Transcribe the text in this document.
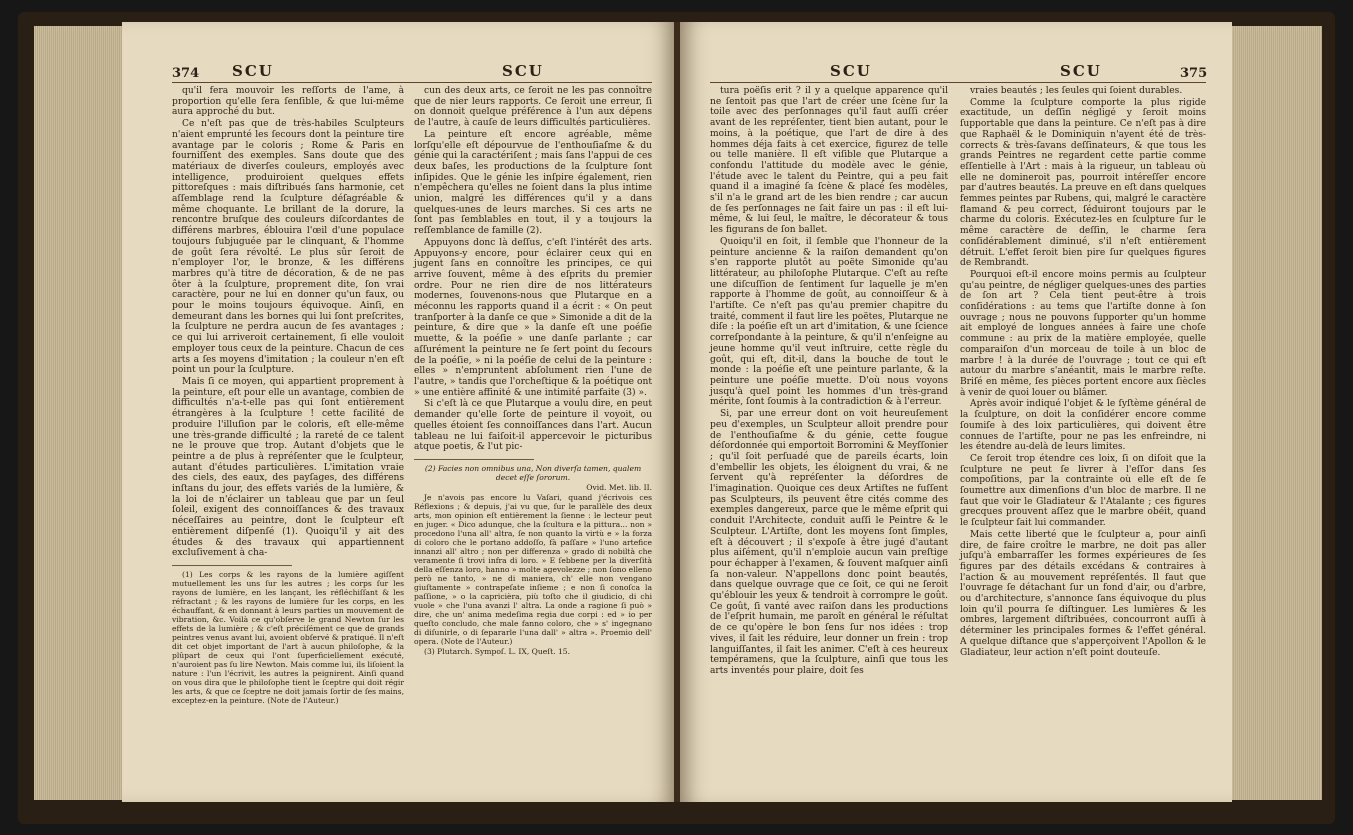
374 SCU	SCU

qu'il fera mouvoir les reſſorts de l'ame, à proportion qu'elle ſera ſenſible, & que lui-même aura approché du but.

Ce n'eſt pas que de très-habiles Sculpteurs n'aient emprunté les ſecours dont la peinture tire avantage par le coloris ; Rome & Paris en fourniſſent des exemples. Sans doute que des matériaux de diverſes couleurs, employés avec intelligence, produiroient quelques effets pittoreſques : mais diſtribués ſans harmonie, cet aſſemblage rend la ſculpture déſagréable & même choquante. Le brillant de la dorure, la rencontre bruſque des couleurs diſcordantes de différens marbres, éblouira l'œil d'une populace toujours ſubjuguée par le clinquant, & l'homme de goût ſera révolté. Le plus sûr ſeroit de n'employer l'or, le bronze, & les différens marbres qu'à titre de décoration, & de ne pas ôter à la ſculpture, proprement dite, ſon vrai caractère, pour ne lui en donner qu'un faux, ou pour le moins toujours équivoque. Ainſi, en demeurant dans les bornes qui lui ſont preſcrites, la ſculpture ne perdra aucun de ſes avantages ; ce qui lui arriveroit certainement, ſi elle vouloit employer tous ceux de la peinture. Chacun de ces arts a ſes moyens d'imitation ; la couleur n'en eſt point un pour la ſculpture.

Mais ſi ce moyen, qui appartient proprement à la peinture, eſt pour elle un avantage, combien de difficultés n'a-t-elle pas qui ſont entièrement étrangères à la ſculpture ! cette facilité de produire l'illuſion par le coloris, eſt elle-même une très-grande difficulté ; la rareté de ce talent ne le prouve que trop. Autant d'objets que le peintre a de plus à repréſenter que le ſculpteur, autant d'études particulières. L'imitation vraie des ciels, des eaux, des payſages, des différens inſtans du jour, des effets variés de la lumière, & la loi de n'éclairer un tableau que par un ſeul ſoleil, exigent des connoiſſances & des travaux néceſſaires au peintre, dont le ſculpteur eſt entièrement diſpenſé (1). Quoiqu'il y ait des études & des travaux qui appartiennent excluſivement à cha-

(1) Les corps & les rayons de la lumière agiſſent mutuellement les uns ſur les autres ; les corps ſur les rayons de lumière, en les lançant, les réfléchiſſant & les réfractant ; & les rayons de lumière ſur les corps, en les échauffant, & en donnant à leurs parties un mouvement de vibration, &c. Voilà ce qu'obſerve le grand Newton ſur les effets de la lumière ; & c'eſt préciſément ce que de grands peintres venus avant lui, avoient obſervé & pratiqué. Il n'eſt dit cet objet important de l'art à aucun philoſophe, & la plûpart de ceux qui l'ont ſuperficiellement exécuté, n'auroient pas ſu lire Newton. Mais comme lui, ils liſoient la nature : l'un l'écrivit, les autres la peignirent. Ainſi quand on vous dira que le philoſophe tient le ſceptre qui doit régir les arts, & que ce ſceptre ne doit jamais ſortir de ſes mains, exceptez-en la peinture. (Note de l'Auteur.)

cun des deux arts, ce ſeroit ne les pas connoître que de nier leurs rapports. Ce ſeroit une erreur, ſi on donnoit quelque préférence à l'un aux dépens de l'autre, à cauſe de leurs difficultés particulières.

La peinture eſt encore agréable, même lorſqu'elle eſt dépourvue de l'enthouſiaſme & du génie qui la caractériſent ; mais ſans l'appui de ces deux baſes, les productions de la ſculpture ſont inſipides. Que le génie les inſpire également, rien n'empêchera qu'elles ne ſoient dans la plus intime union, malgré les différences qu'il y a dans quelques-unes de leurs marches. Si ces arts ne ſont pas ſemblables en tout, il y a toujours la reſſemblance de famille (2).

Appuyons donc là deſſus, c'eſt l'intérêt des arts. Appuyons-y encore, pour éclairer ceux qui en jugent ſans en connoître les principes, ce qui arrive ſouvent, même à des eſprits du premier ordre. Pour ne rien dire de nos littérateurs modernes, ſouvenons-nous que Plutarque en a méconnu les rapports quand il a écrit : « On peut tranſporter à la danſe ce que » Simonide a dit de la peinture, & dire que » la danſe eſt une poéſie muette, & la poéſie » une danſe parlante ; car aſſurément la peinture ne ſe ſert point du ſecours de la poéſie, » ni la poéſie de celui de la peinture : elles » n'empruntent abſolument rien l'une de l'autre, » tandis que l'orcheſtique & la poétique ont » une entière affinité & une intimité parfaite (3) ».

Si c'eſt là ce que Plutarque a voulu dire, en peut demander qu'elle ſorte de peinture il voyoit, ou quelles étoient ſes connoiſſances dans l'art. Aucun tableau ne lui faiſoit-il appercevoir le picturibus atque poetis, & l'ut pic-

(2) Facies non omnibus una, Non diverſa tamen, qualem decet eſſe ſororum.

Ovid. Met. lib. II.

Je n'avois pas encore lu Vaſari, quand j'écrivois ces Réflexions ; & depuis, j'ai vu que, ſur le parallèle des deux arts, mon opinion eſt entièrement la ſienne : le lecteur peut en juger. « Dico adunque, che la ſcultura e la pittura... non » procedono l'una all' altra, ſe non quanto la virtù e » la forza di coloro che le portano addoſſo, fà paſſare » l'uno artefice innanzi all' altro ; non per differenza » grado di nobiltà che veramente ſi trovi infra di loro. » E ſebbene per la diverſità della eſſenza loro, hanno » molte agevolezze ; non ſono elleno però ne tanto, » ne di maniera, ch' elle non vengano giuſtamente » contrapeſate inſieme ; e non ſi conoſca la paſſione, » o la capricièra, più toſto che il giudicio, di chi vuole » che l'una avanzi l' altra. La onde a ragione ſi può » dire, che un' anima medeſima regia due corpi : ed » io per queſto concludo, che male fanno coloro, che » s' ingegnano di diſunirle, o di ſepararle l'una dall' » altra ». Proemio dell' opera. (Note de l'Auteur.)

(3) Plutarch. Sympoſ. L. IX, Queſt. 15.

SCU	SCU	375

tura poëſis erit ? il y a quelque apparence qu'il ne ſentoit pas que l'art de créer une ſcène ſur la toile avec des perſonnages qu'il faut auſſi créer avant de les repréſenter, tient bien autant, pour le moins, à la poétique, que l'art de dire à des hommes déja faits à cet exercice, figurez de telle ou telle manière. Il eſt viſible que Plutarque a confondu l'attitude du modèle avec le génie, l'étude avec le talent du Peintre, qui a peu fait quand il a imaginé ſa ſcène & placé ſes modèles, s'il n'a le grand art de les bien rendre ; car aucun de ſes perſonnages ne ſait faire un pas : il eſt lui-même, & lui ſeul, le maître, le décorateur & tous les figurans de ſon ballet.

Quoiqu'il en ſoit, il ſemble que l'honneur de la peinture ancienne & la raiſon demandent qu'on s'en rapporte plutôt au poëte Simonide qu'au littérateur, au philoſophe Plutarque. C'eſt au reſte une diſcuſſion de ſentiment ſur laquelle je m'en rapporte à l'homme de goût, au connoiſſeur & à l'artiſte. Ce n'eſt pas qu'au premier chapitre du traité, comment il faut lire les poëtes, Plutarque ne diſe : la poéſie eſt un art d'imitation, & une ſcience correſpondante à la peinture, & qu'il n'enſeigne au jeune homme qu'il veut inſtruire, cette règle du goût, qui eſt, dit-il, dans la bouche de tout le monde : la poéſie eſt une peinture parlante, & la peinture une poéſie muette. D'où nous voyons jusqu'à quel point les hommes d'un très-grand mérite, ſont ſoumis à la contradiction & à l'erreur.

Si, par une erreur dont on voit heureuſement peu d'exemples, un Sculpteur alloit prendre pour de l'enthouſiaſme & du génie, cette fougue déſordonnée qui emportoit Borromini & Meyſſonier ; qu'il ſoit perſuadé que de pareils écarts, loin d'embellir les objets, les éloignent du vrai, & ne ſervent qu'à repréſenter la déſordres de l'imagination. Quoique ces deux Artiſtes ne fuſſent pas Sculpteurs, ils peuvent être cités comme des exemples dangereux, parce que le même eſprit qui conduit l'Architecte, conduit auſſi le Peintre & le Sculpteur. L'Artiſte, dont les moyens ſont ſimples, eſt à découvert ; il s'expoſe à être jugé d'autant plus aiſément, qu'il n'emploie aucun vain preſtige pour échapper à l'examen, & ſouvent maſquer ainſi ſa non-valeur. N'appellons donc point beautés, dans quelque ouvrage que ce ſoit, ce qui ne ſeroit qu'éblouir les yeux & tendroit à corrompre le goût. Ce goût, ſi vanté avec raiſon dans les productions de l'eſprit humain, me paroît en général le réſultat de ce qu'opère le bon ſens ſur nos idées : trop vives, il ſait les réduire, leur donner un frein : trop languiſſantes, il ſait les animer. C'eſt à ces heureux tempéramens, que la ſculpture, ainſi que tous les arts inventés pour plaire, doit ſes

vraies beautés ; les ſeules qui ſoient durables.

Comme la ſculpture comporte la plus rigide exactitude, un deſſin négligé y ſeroit moins ſupportable que dans la peinture. Ce n'eſt pas à dire que Raphaël & le Dominiquin n'ayent été de très-corrects & très-ſavans deſſinateurs, & que tous les grands Peintres ne regardent cette partie comme eſſentielle à l'Art : mais à la rigueur, un tableau où elle ne domineroit pas, pourroit intéreſſer encore par d'autres beautés. La preuve en eſt dans quelques femmes peintes par Rubens, qui, malgré le caractère flamand & peu correct, ſéduiront toujours par le charme du coloris. Exécutez-les en ſculpture ſur le même caractère de deſſin, le charme ſera conſidérablement diminué, s'il n'eſt entièrement détruit. L'effet ſeroit bien pire ſur quelques figures de Rembrandt.

Pourquoi eſt-il encore moins permis au ſculpteur qu'au peintre, de négliger quelques-unes des parties de ſon art ? Cela tient peut-être à trois conſidérations : au tems que l'artiſte donne à ſon ouvrage ; nous ne pouvons ſupporter qu'un homme ait employé de longues années à faire une choſe commune : au prix de la matière employée, quelle comparaiſon d'un morceau de toile à un bloc de marbre ! à la durée de l'ouvrage ; tout ce qui eſt autour du marbre s'anéantit, mais le marbre reſte. Briſé en même, ſes pièces portent encore aux ſiècles à venir de quoi louer ou blâmer.

Après avoir indiqué l'objet & le ſyſtème général de la ſculpture, on doit la conſidérer encore comme ſoumiſe à des loix particulières, qui doivent être connues de l'artiſte, pour ne pas les enfreindre, ni les étendre au-delà de leurs limites.

Ce ſeroit trop étendre ces loix, ſi on diſoit que la ſculpture ne peut ſe livrer à l'eſſor dans ſes compoſitions, par la contrainte où elle eſt de ſe ſoumettre aux dimenſions d'un bloc de marbre. Il ne faut que voir le Gladiateur & l'Atalante ; ces figures grecques prouvent aſſez que le marbre obéit, quand le ſculpteur ſait lui commander.

Mais cette liberté que le ſculpteur a, pour ainſi dire, de faire croître le marbre, ne doit pas aller juſqu'à embarraſſer les formes expérieures de ſes figures par des détails excédans & contraires à l'action & au mouvement repréſentés. Il faut que l'ouvrage ſe détachant ſur un fond d'air, ou d'arbre, ou d'architecture, s'annonce ſans équivoque du plus loin qu'il pourra ſe diſtinguer. Les lumières & les ombres, largement diſtribuées, concourront auſſi à déterminer les principales formes & l'effet général. A quelque diſtance que s'apperçoivent l'Apollon & le Gladiateur, leur action n'eſt point douteuſe.
